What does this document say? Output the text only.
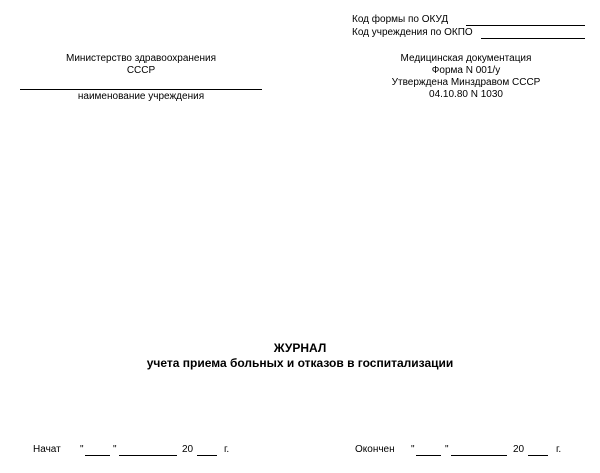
Код формы по ОКУД
Код учреждения по ОКПО
Министерство здравоохранения
СССР
наименование учреждения
Медицинская документация
Форма N 001/у
Утверждена Минздравом СССР
04.10.80 N 1030
ЖУРНАЛ
учета приема больных и отказов в госпитализации
Начат "	"	20	г.	Окончен "	"	20	г.
